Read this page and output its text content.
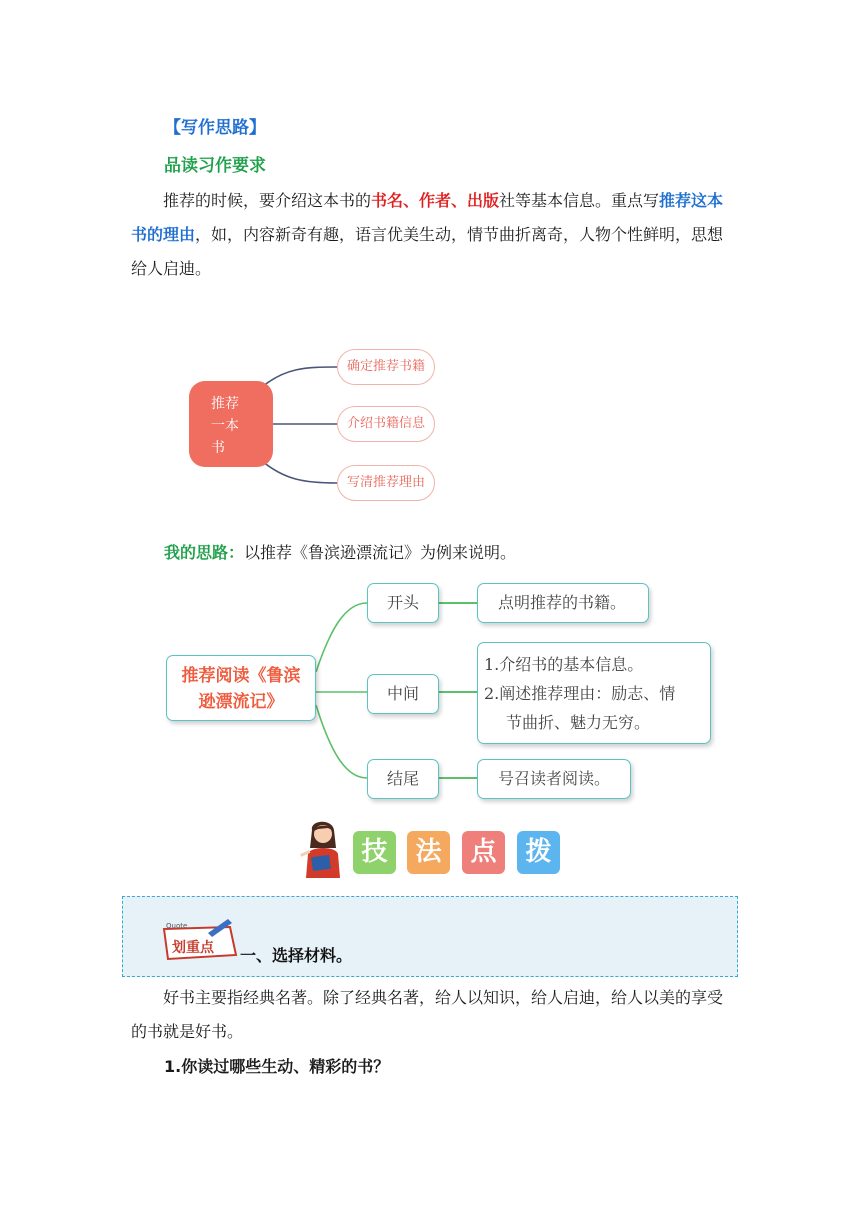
【写作思路】
品读习作要求
推荐的时候，要介绍这本书的书名、作者、出版社等基本信息。重点写推荐这本书的理由，如，内容新奇有趣，语言优美生动，情节曲折离奇，人物个性鲜明，思想给人启迪。
推荐
一本
书
确定推荐书籍
介绍书籍信息
写清推荐理由
我的思路：以推荐《鲁滨逊漂流记》为例来说明。
推荐阅读《鲁滨
逊漂流记》
开头
中间
结尾
点明推荐的书籍。
1.介绍书的基本信息。
2.阐述推荐理由：励志、情
节曲折、魅力无穷。
号召读者阅读。
技	法	点	拨
Quote
划重点 一、选择材料。
好书主要指经典名著。除了经典名著，给人以知识，给人启迪，给人以美的享受的书就是好书。
1.你读过哪些生动、精彩的书？
